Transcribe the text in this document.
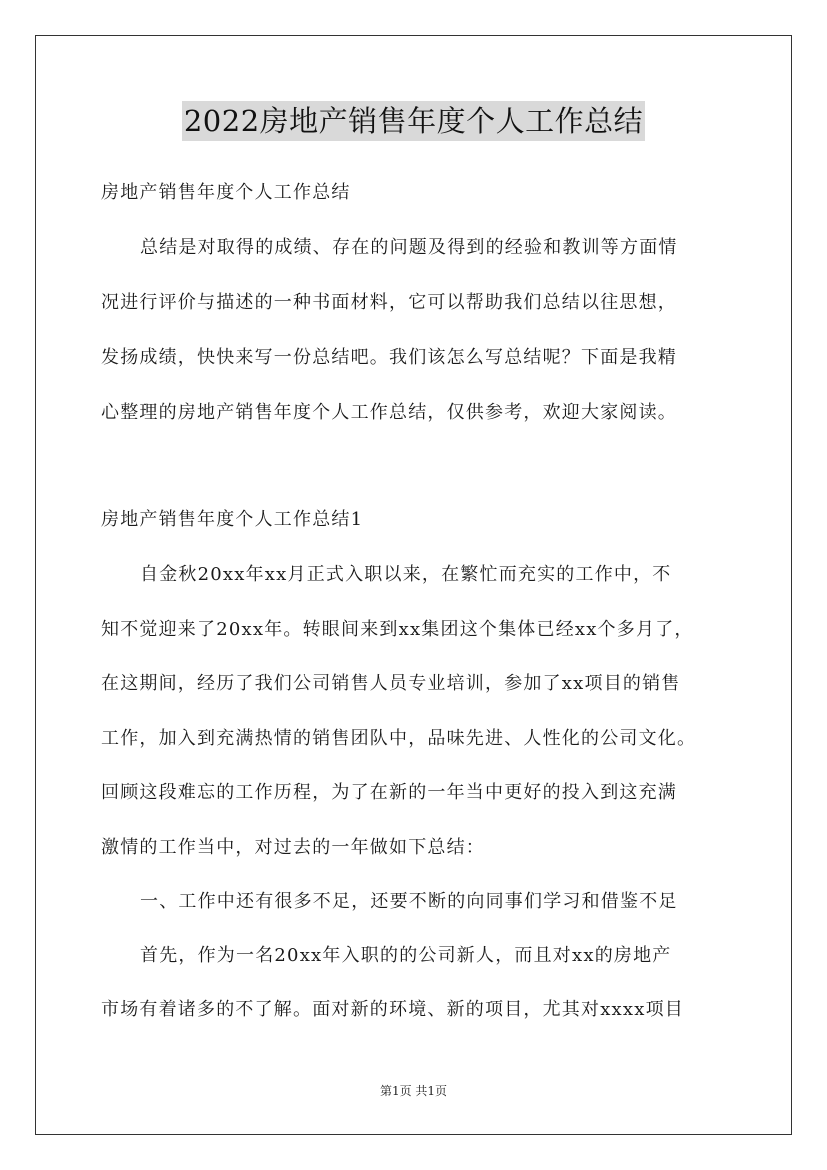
2022房地产销售年度个人工作总结
房地产销售年度个人工作总结
总结是对取得的成绩、存在的问题及得到的经验和教训等方面情
况进行评价与描述的一种书面材料，它可以帮助我们总结以往思想，
发扬成绩，快快来写一份总结吧。我们该怎么写总结呢？下面是我精
心整理的房地产销售年度个人工作总结，仅供参考，欢迎大家阅读。
房地产销售年度个人工作总结1
自金秋20xx年xx月正式入职以来，在繁忙而充实的工作中，不
知不觉迎来了20xx年。转眼间来到xx集团这个集体已经xx个多月了，
在这期间，经历了我们公司销售人员专业培训，参加了xx项目的销售
工作，加入到充满热情的销售团队中，品味先进、人性化的公司文化。
回顾这段难忘的工作历程，为了在新的一年当中更好的投入到这充满
激情的工作当中，对过去的一年做如下总结：
一、工作中还有很多不足，还要不断的向同事们学习和借鉴不足
首先，作为一名20xx年入职的的公司新人，而且对xx的房地产
市场有着诸多的不了解。面对新的环境、新的项目，尤其对xxxx项目
第1页 共1页
